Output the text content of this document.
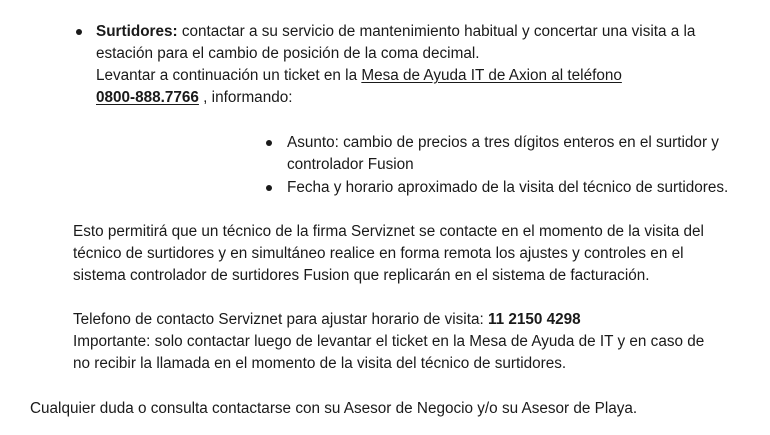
Surtidores: contactar a su servicio de mantenimiento habitual y concertar una visita a la
estación para el cambio de posición de la coma decimal.
Levantar a continuación un ticket en la Mesa de Ayuda IT de Axion al teléfono
0800-888.7766 , informando:
Asunto: cambio de precios a tres dígitos enteros en el surtidor y
controlador Fusion
Fecha y horario aproximado de la visita del técnico de surtidores.
Esto permitirá que un técnico de la firma Serviznet se contacte en el momento de la visita del
técnico de surtidores y en simultáneo realice en forma remota los ajustes y controles en el
sistema controlador de surtidores Fusion que replicarán en el sistema de facturación.
Telefono de contacto Serviznet para ajustar horario de visita: 11 2150 4298
Importante: solo contactar luego de levantar el ticket en la Mesa de Ayuda de IT y en caso de
no recibir la llamada en el momento de la visita del técnico de surtidores.
Cualquier duda o consulta contactarse con su Asesor de Negocio y/o su Asesor de Playa.
